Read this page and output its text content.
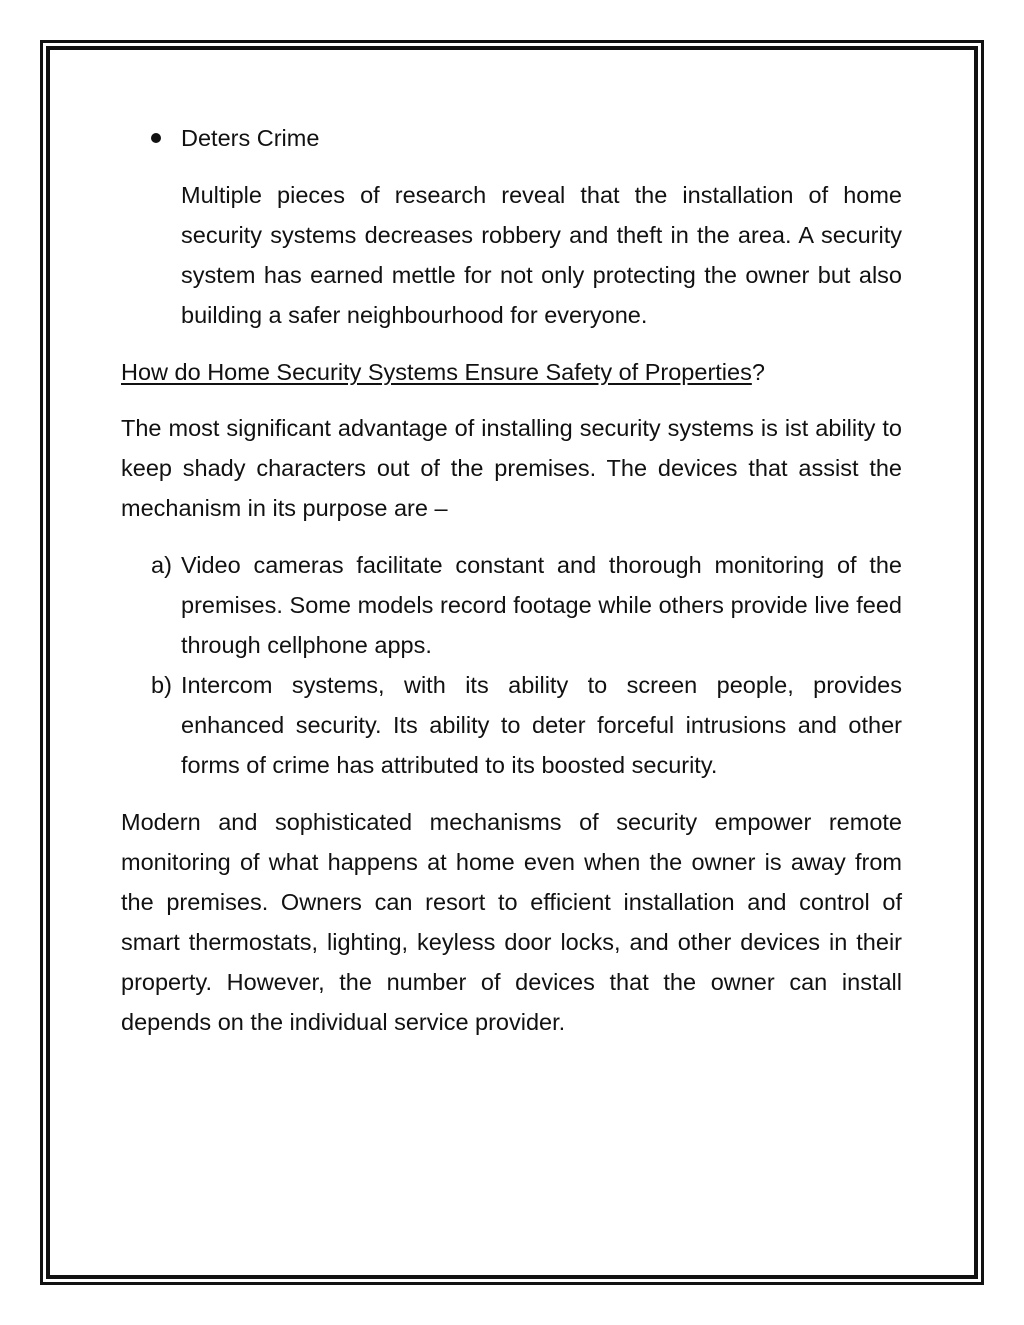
Deters Crime

Multiple pieces of research reveal that the installation of home security systems decreases robbery and theft in the area. A security system has earned mettle for not only protecting the owner but also building a safer neighbourhood for everyone.

How do Home Security Systems Ensure Safety of Properties?

The most significant advantage of installing security systems is ist ability to keep shady characters out of the premises. The devices that assist the mechanism in its purpose are –

a) Video cameras facilitate constant and thorough monitoring of the premises. Some models record footage while others provide live feed through cellphone apps.
b) Intercom systems, with its ability to screen people, provides enhanced security. Its ability to deter forceful intrusions and other forms of crime has attributed to its boosted security.

Modern and sophisticated mechanisms of security empower remote monitoring of what happens at home even when the owner is away from the premises. Owners can resort to efficient installation and control of smart thermostats, lighting, keyless door locks, and other devices in their property. However, the number of devices that the owner can install depends on the individual service provider.
